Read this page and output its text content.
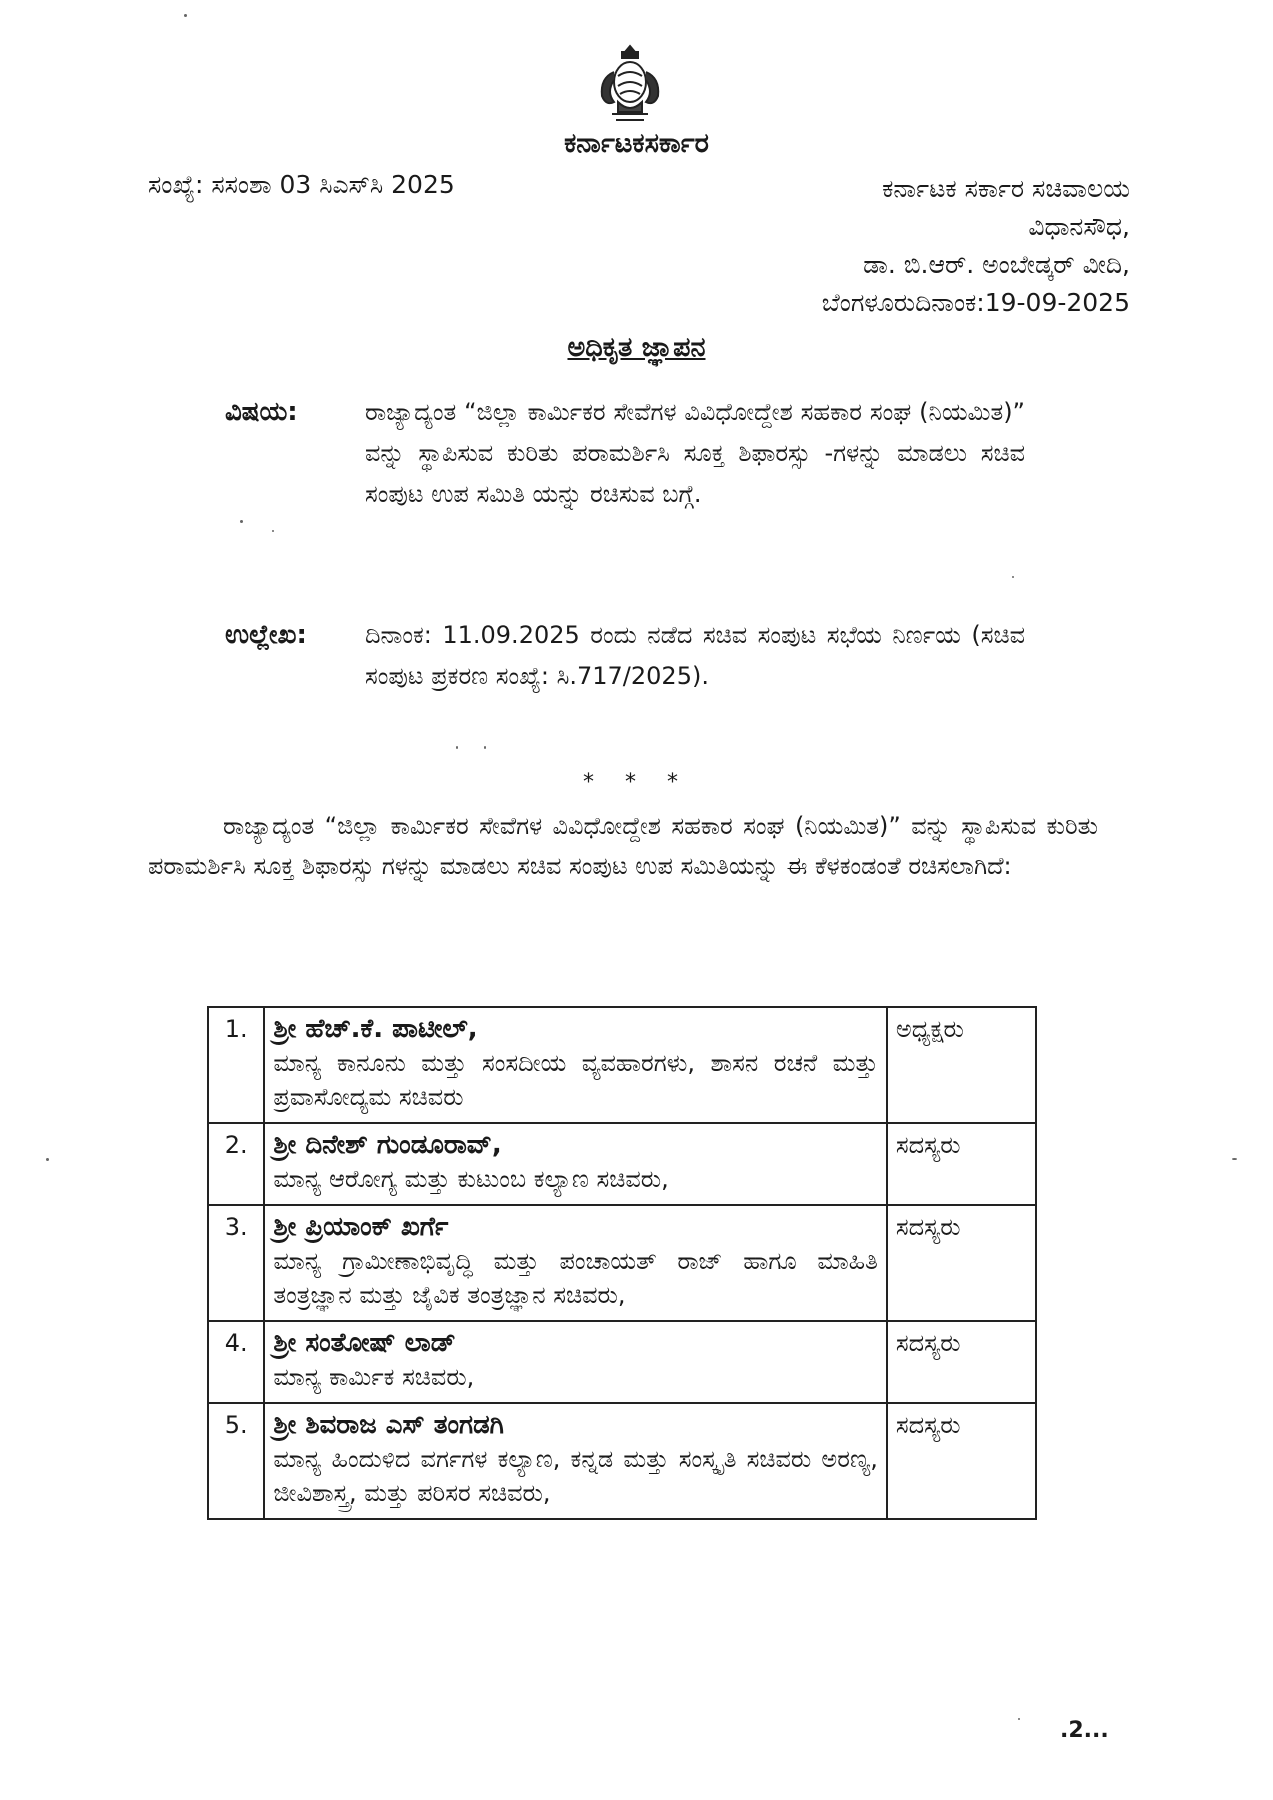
ಕರ್ನಾಟಕಸರ್ಕಾರ
ಸಂಖ್ಯೆ: ಸಸಂಶಾ 03 ಸಿಎಸ್‌ಸಿ 2025	ಕರ್ನಾಟಕ ಸರ್ಕಾರ ಸಚಿವಾಲಯ
ವಿಧಾನಸೌಧ,
ಡಾ. ಬಿ.ಆರ್. ಅಂಬೇಡ್ಕರ್ ವೀದಿ,
ಬೆಂಗಳೂರುದಿನಾಂಕ:19-09-2025
ಅಧಿಕೃತ ಜ್ಞಾಪನ
ವಿಷಯ:	ರಾಜ್ಯಾದ್ಯಂತ “ಜಿಲ್ಲಾ ಕಾರ್ಮಿಕರ ಸೇವೆಗಳ ವಿವಿಧೋದ್ದೇಶ ಸಹಕಾರ ಸಂಘ (ನಿಯಮಿತ)” ವನ್ನು ಸ್ಥಾಪಿಸುವ ಕುರಿತು ಪರಾಮರ್ಶಿಸಿ ಸೂಕ್ತ ಶಿಫಾರಸ್ಸು -ಗಳನ್ನು ಮಾಡಲು ಸಚಿವ ಸಂಪುಟ ಉಪ ಸಮಿತಿ ಯನ್ನು ರಚಿಸುವ ಬಗ್ಗೆ.
ಉಲ್ಲೇಖ: ದಿನಾಂಕ: 11.09.2025 ರಂದು ನಡೆದ ಸಚಿವ ಸಂಪುಟ ಸಭೆಯ ನಿರ್ಣಯ (ಸಚಿವ ಸಂಪುಟ ಪ್ರಕರಣ ಸಂಖ್ಯೆ: ಸಿ.717/2025).
* * *
ರಾಜ್ಯಾದ್ಯಂತ “ಜಿಲ್ಲಾ ಕಾರ್ಮಿಕರ ಸೇವೆಗಳ ವಿವಿಧೋದ್ದೇಶ ಸಹಕಾರ ಸಂಘ (ನಿಯಮಿತ)” ವನ್ನು ಸ್ಥಾಪಿಸುವ ಕುರಿತು ಪರಾಮರ್ಶಿಸಿ ಸೂಕ್ತ ಶಿಫಾರಸ್ಸು ಗಳನ್ನು ಮಾಡಲು ಸಚಿವ ಸಂಪುಟ ಉಪ ಸಮಿತಿಯನ್ನು ಈ ಕೆಳಕಂಡಂತೆ ರಚಿಸಲಾಗಿದೆ:
1.	ಶ್ರೀ ಹೆಚ್.ಕೆ. ಪಾಟೀಲ್,
ಮಾನ್ಯ ಕಾನೂನು ಮತ್ತು ಸಂಸದೀಯ ವ್ಯವಹಾರಗಳು, ಶಾಸನ ರಚನೆ ಮತ್ತು ಪ್ರವಾಸೋದ್ಯಮ ಸಚಿವರು	ಅಧ್ಯಕ್ಷರು
2.	ಶ್ರೀ ದಿನೇಶ್ ಗುಂಡೂರಾವ್,
ಮಾನ್ಯ ಆರೋಗ್ಯ ಮತ್ತು ಕುಟುಂಬ ಕಲ್ಯಾಣ ಸಚಿವರು,	ಸದಸ್ಯರು
3.	ಶ್ರೀ ಪ್ರಿಯಾಂಕ್ ಖರ್ಗೆ
ಮಾನ್ಯ ಗ್ರಾಮೀಣಾಭಿವೃದ್ಧಿ ಮತ್ತು ಪಂಚಾಯತ್ ರಾಜ್ ಹಾಗೂ ಮಾಹಿತಿ ತಂತ್ರಜ್ಞಾನ ಮತ್ತು ಜೈವಿಕ ತಂತ್ರಜ್ಞಾನ ಸಚಿವರು,	ಸದಸ್ಯರು
4.	ಶ್ರೀ ಸಂತೋಷ್ ಲಾಡ್
ಮಾನ್ಯ ಕಾರ್ಮಿಕ ಸಚಿವರು,	ಸದಸ್ಯರು
5.	ಶ್ರೀ ಶಿವರಾಜ ಎಸ್ ತಂಗಡಗಿ
ಮಾನ್ಯ ಹಿಂದುಳಿದ ವರ್ಗಗಳ ಕಲ್ಯಾಣ, ಕನ್ನಡ ಮತ್ತು ಸಂಸ್ಕೃತಿ ಸಚಿವರು ಅರಣ್ಯ, ಜೀವಿಶಾಸ್ತ್ರ, ಮತ್ತು ಪರಿಸರ ಸಚಿವರು,	ಸದಸ್ಯರು
.2...
